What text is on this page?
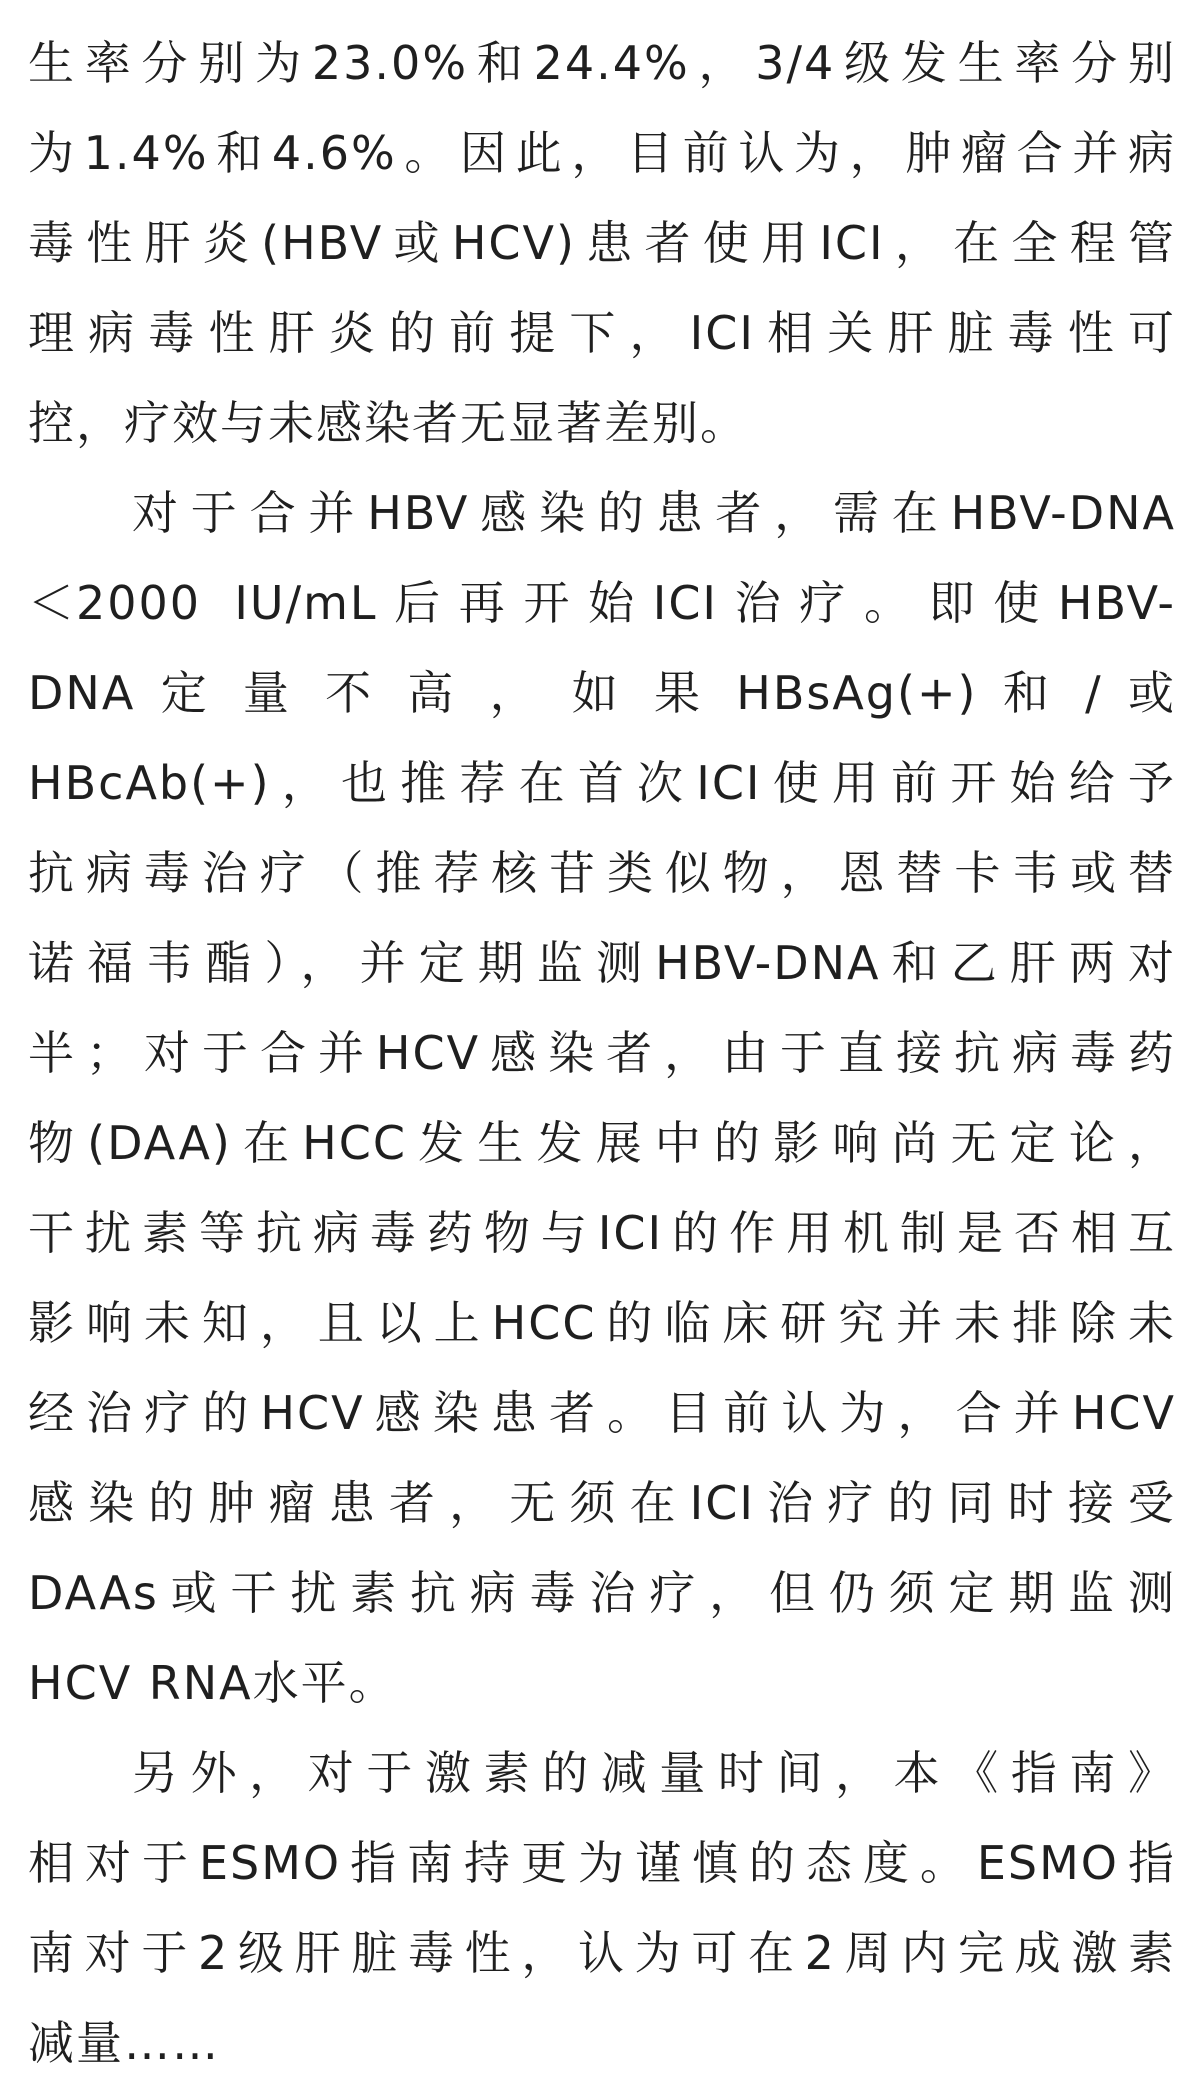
生率分别为23.0%和24.4%，3/4级发生率分别
为1.4%和4.6%。因此，目前认为，肿瘤合并病
毒性肝炎(HBV或HCV)患者使用ICI，在全程管
理病毒性肝炎的前提下，ICI相关肝脏毒性可
控，疗效与未感染者无显著差别。
对于合并HBV感染的患者，需在HBV-DNA
＜2000 IU/mL后再开始ICI治疗。即使HBV-
DNA 定 量 不 高 ， 如 果 HBsAg(+) 和 / 或
HBcAb(+)，也推荐在首次ICI使用前开始给予
抗病毒治疗（推荐核苷类似物，恩替卡韦或替
诺福韦酯），并定期监测HBV-DNA和乙肝两对
半；对于合并HCV感染者，由于直接抗病毒药
物(DAA)在HCC发生发展中的影响尚无定论，
干扰素等抗病毒药物与ICI的作用机制是否相互
影响未知，且以上HCC的临床研究并未排除未
经治疗的HCV感染患者。目前认为，合并HCV
感染的肿瘤患者，无须在ICI治疗的同时接受
DAAs或干扰素抗病毒治疗，但仍须定期监测
HCV RNA水平。
另外，对于激素的减量时间，本《指南》
相对于ESMO指南持更为谨慎的态度。ESMO指
南对于2级肝脏毒性，认为可在2周内完成激素
减量……
